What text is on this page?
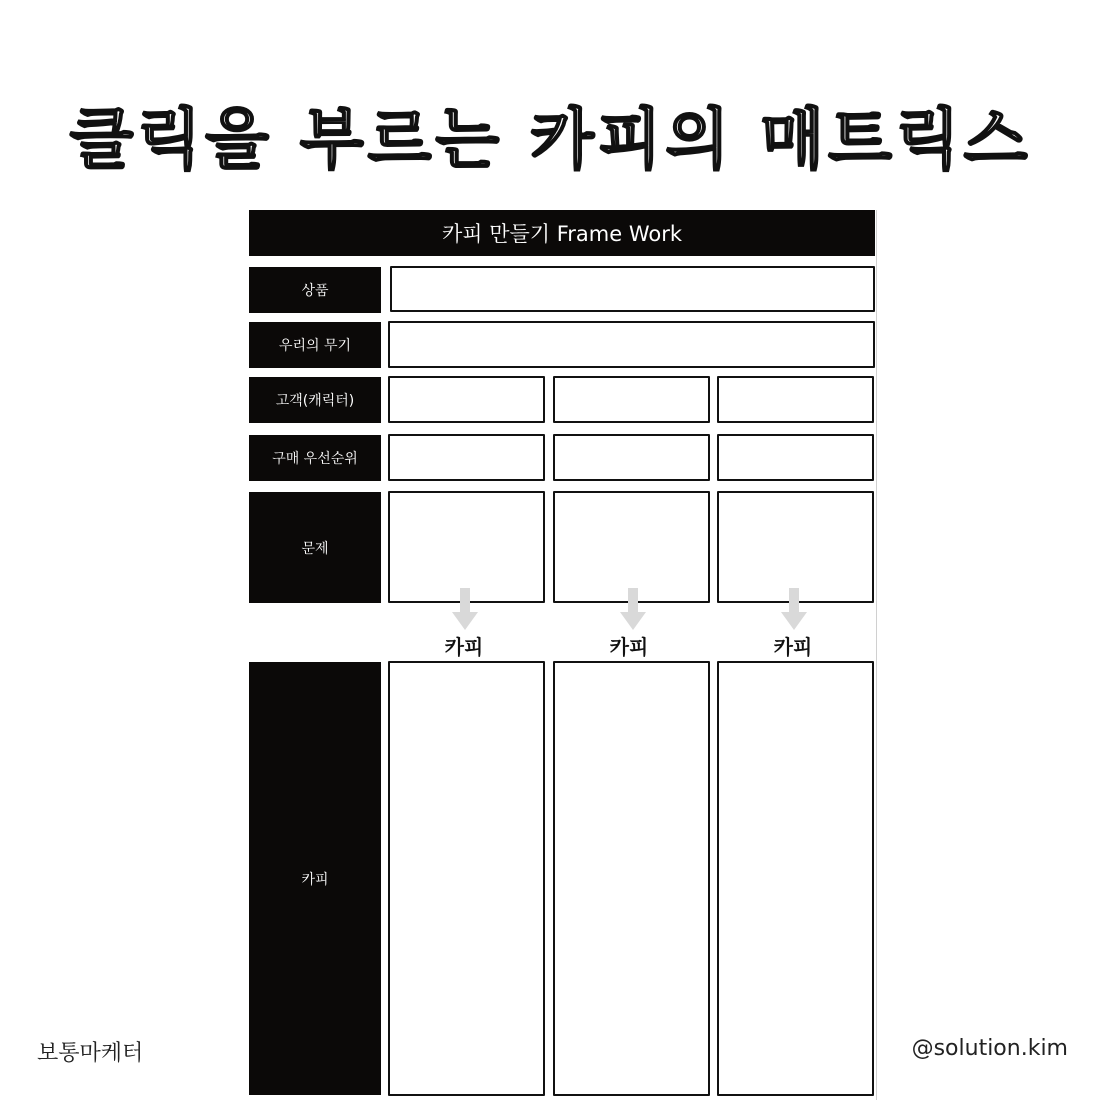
클릭을 부르는 카피의 매트릭스
카피 만들기 Frame Work
상품
우리의 무기
고객(캐릭터)
구매 우선순위
문제
카피	카피	카피
카피
보통마케터	@solution.kim
